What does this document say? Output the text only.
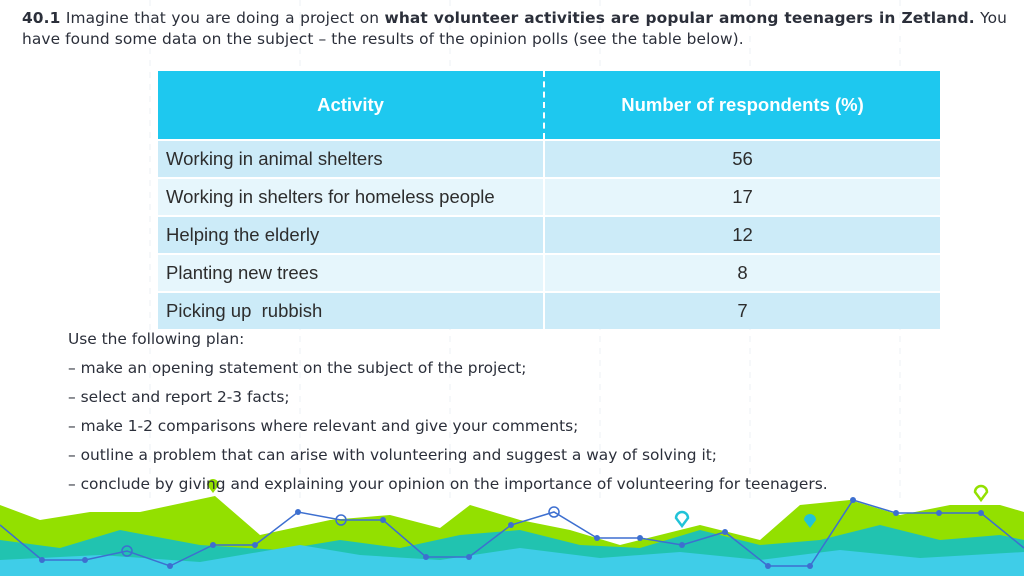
40.1 Imagine that you are doing a project on what volunteer activities are popular among teenagers in Zetland. You have found some data on the subject – the results of the opinion polls (see the table below).
Activity	Number of respondents (%)
Working in animal shelters	56
Working in shelters for homeless people	17
Helping the elderly	12
Planting new trees	8
Picking up  rubbish	7
Use the following plan:
– make an opening statement on the subject of the project;
– select and report 2-3 facts;
– make 1-2 comparisons where relevant and give your comments;
– outline a problem that can arise with volunteering and suggest a way of solving it;
– conclude by giving and explaining your opinion on the importance of volunteering for teenagers.
